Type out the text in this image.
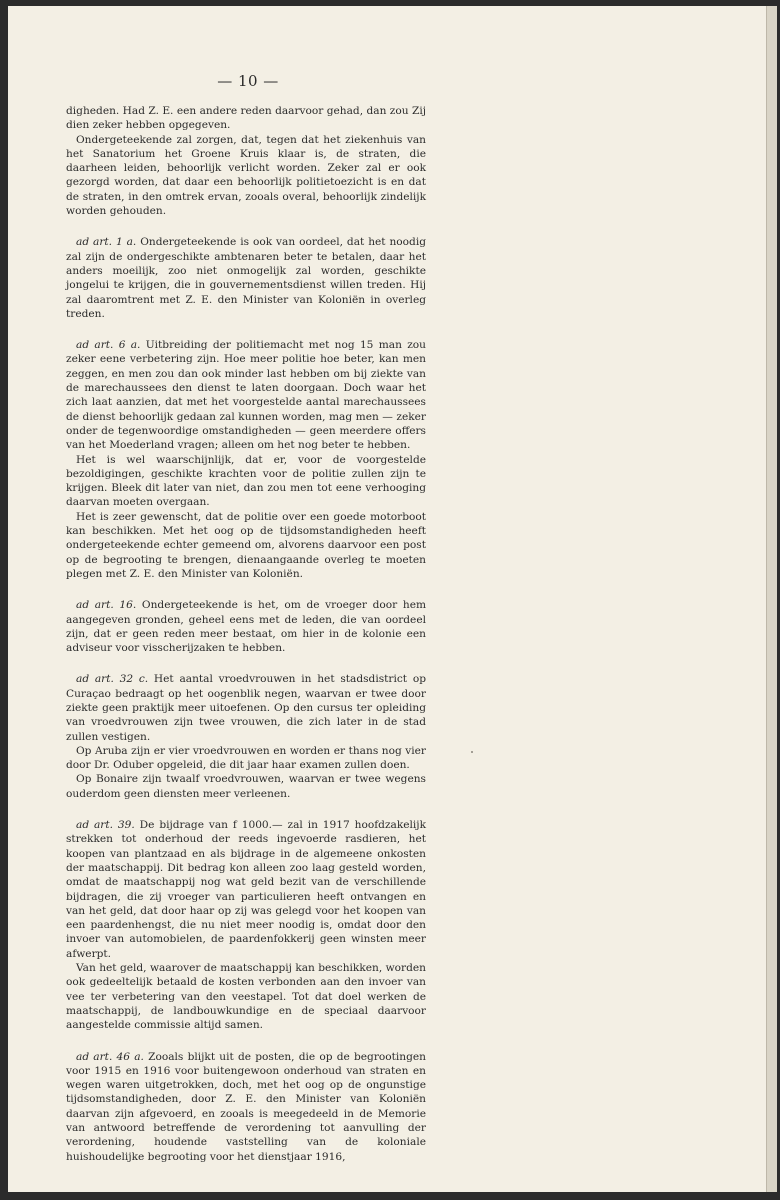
— 10 —

digheden. Had Z. E. een andere reden daarvoor gehad, dan zou Zij dien zeker hebben opgegeven.

Ondergeteekende zal zorgen, dat, tegen dat het ziekenhuis van het Sanatorium het Groene Kruis klaar is, de straten, die daarheen leiden, behoorlijk verlicht worden. Zeker zal er ook gezorgd worden, dat daar een behoorlijk politietoezicht is en dat de straten, in den omtrek ervan, zooals overal, behoorlijk zindelijk worden gehouden.

ad art. 1 a. Ondergeteekende is ook van oordeel, dat het noodig zal zijn de ondergeschikte ambtenaren beter te betalen, daar het anders moeilijk, zoo niet onmogelijk zal worden, geschikte jongelui te krijgen, die in gouvernementsdienst willen treden. Hij zal daaromtrent met Z. E. den Minister van Koloniën in overleg treden.

ad art. 6 a. Uitbreiding der politiemacht met nog 15 man zou zeker eene verbetering zijn. Hoe meer politie hoe beter, kan men zeggen, en men zou dan ook minder last hebben om bij ziekte van de marechaussees den dienst te laten doorgaan. Doch waar het zich laat aanzien, dat met het voorgestelde aantal marechaussees de dienst behoorlijk gedaan zal kunnen worden, mag men — zeker onder de tegenwoordige omstandigheden — geen meerdere offers van het Moederland vragen; alleen om het nog beter te hebben.

Het is wel waarschijnlijk, dat er, voor de voorgestelde bezoldigingen, geschikte krachten voor de politie zullen zijn te krijgen. Bleek dit later van niet, dan zou men tot eene verhooging daarvan moeten overgaan.

Het is zeer gewenscht, dat de politie over een goede motorboot kan beschikken. Met het oog op de tijdsomstandigheden heeft ondergeteekende echter gemeend om, alvorens daarvoor een post op de begrooting te brengen, dienaangaande overleg te moeten plegen met Z. E. den Minister van Koloniën.

ad art. 16. Ondergeteekende is het, om de vroeger door hem aangegeven gronden, geheel eens met de leden, die van oordeel zijn, dat er geen reden meer bestaat, om hier in de kolonie een adviseur voor visscherijzaken te hebben.

ad art. 32 c. Het aantal vroedvrouwen in het stadsdistrict op Curaçao bedraagt op het oogenblik negen, waarvan er twee door ziekte geen praktijk meer uitoefenen. Op den cursus ter opleiding van vroedvrouwen zijn twee vrouwen, die zich later in de stad zullen vestigen.

Op Aruba zijn er vier vroedvrouwen en worden er thans nog vier door Dr. Oduber opgeleid, die dit jaar haar examen zullen doen.

Op Bonaire zijn twaalf vroedvrouwen, waarvan er twee wegens ouderdom geen diensten meer verleenen.

ad art. 39. De bijdrage van f 1000.— zal in 1917 hoofdzakelijk strekken tot onderhoud der reeds ingevoerde rasdieren, het koopen van plantzaad en als bijdrage in de algemeene onkosten der maatschappij. Dit bedrag kon alleen zoo laag gesteld worden, omdat de maatschappij nog wat geld bezit van de verschillende bijdragen, die zij vroeger van particulieren heeft ontvangen en van het geld, dat door haar op zij was gelegd voor het koopen van een paardenhengst, die nu niet meer noodig is, omdat door den invoer van automobielen, de paardenfokkerij geen winsten meer afwerpt.

Van het geld, waarover de maatschappij kan beschikken, worden ook gedeeltelijk betaald de kosten verbonden aan den invoer van vee ter verbetering van den veestapel. Tot dat doel werken de maatschappij, de landbouwkundige en de speciaal daarvoor aangestelde commissie altijd samen.

ad art. 46 a. Zooals blijkt uit de posten, die op de begrootingen voor 1915 en 1916 voor buitengewoon onderhoud van straten en wegen waren uitgetrokken, doch, met het oog op de ongunstige tijdsomstandigheden, door Z. E. den Minister van Koloniën daarvan zijn afgevoerd, en zooals is meegedeeld in de Memorie van antwoord betreffende de verordening tot aanvulling der verordening, houdende vaststelling van de koloniale huishoudelijke begrooting voor het dienstjaar 1916,
